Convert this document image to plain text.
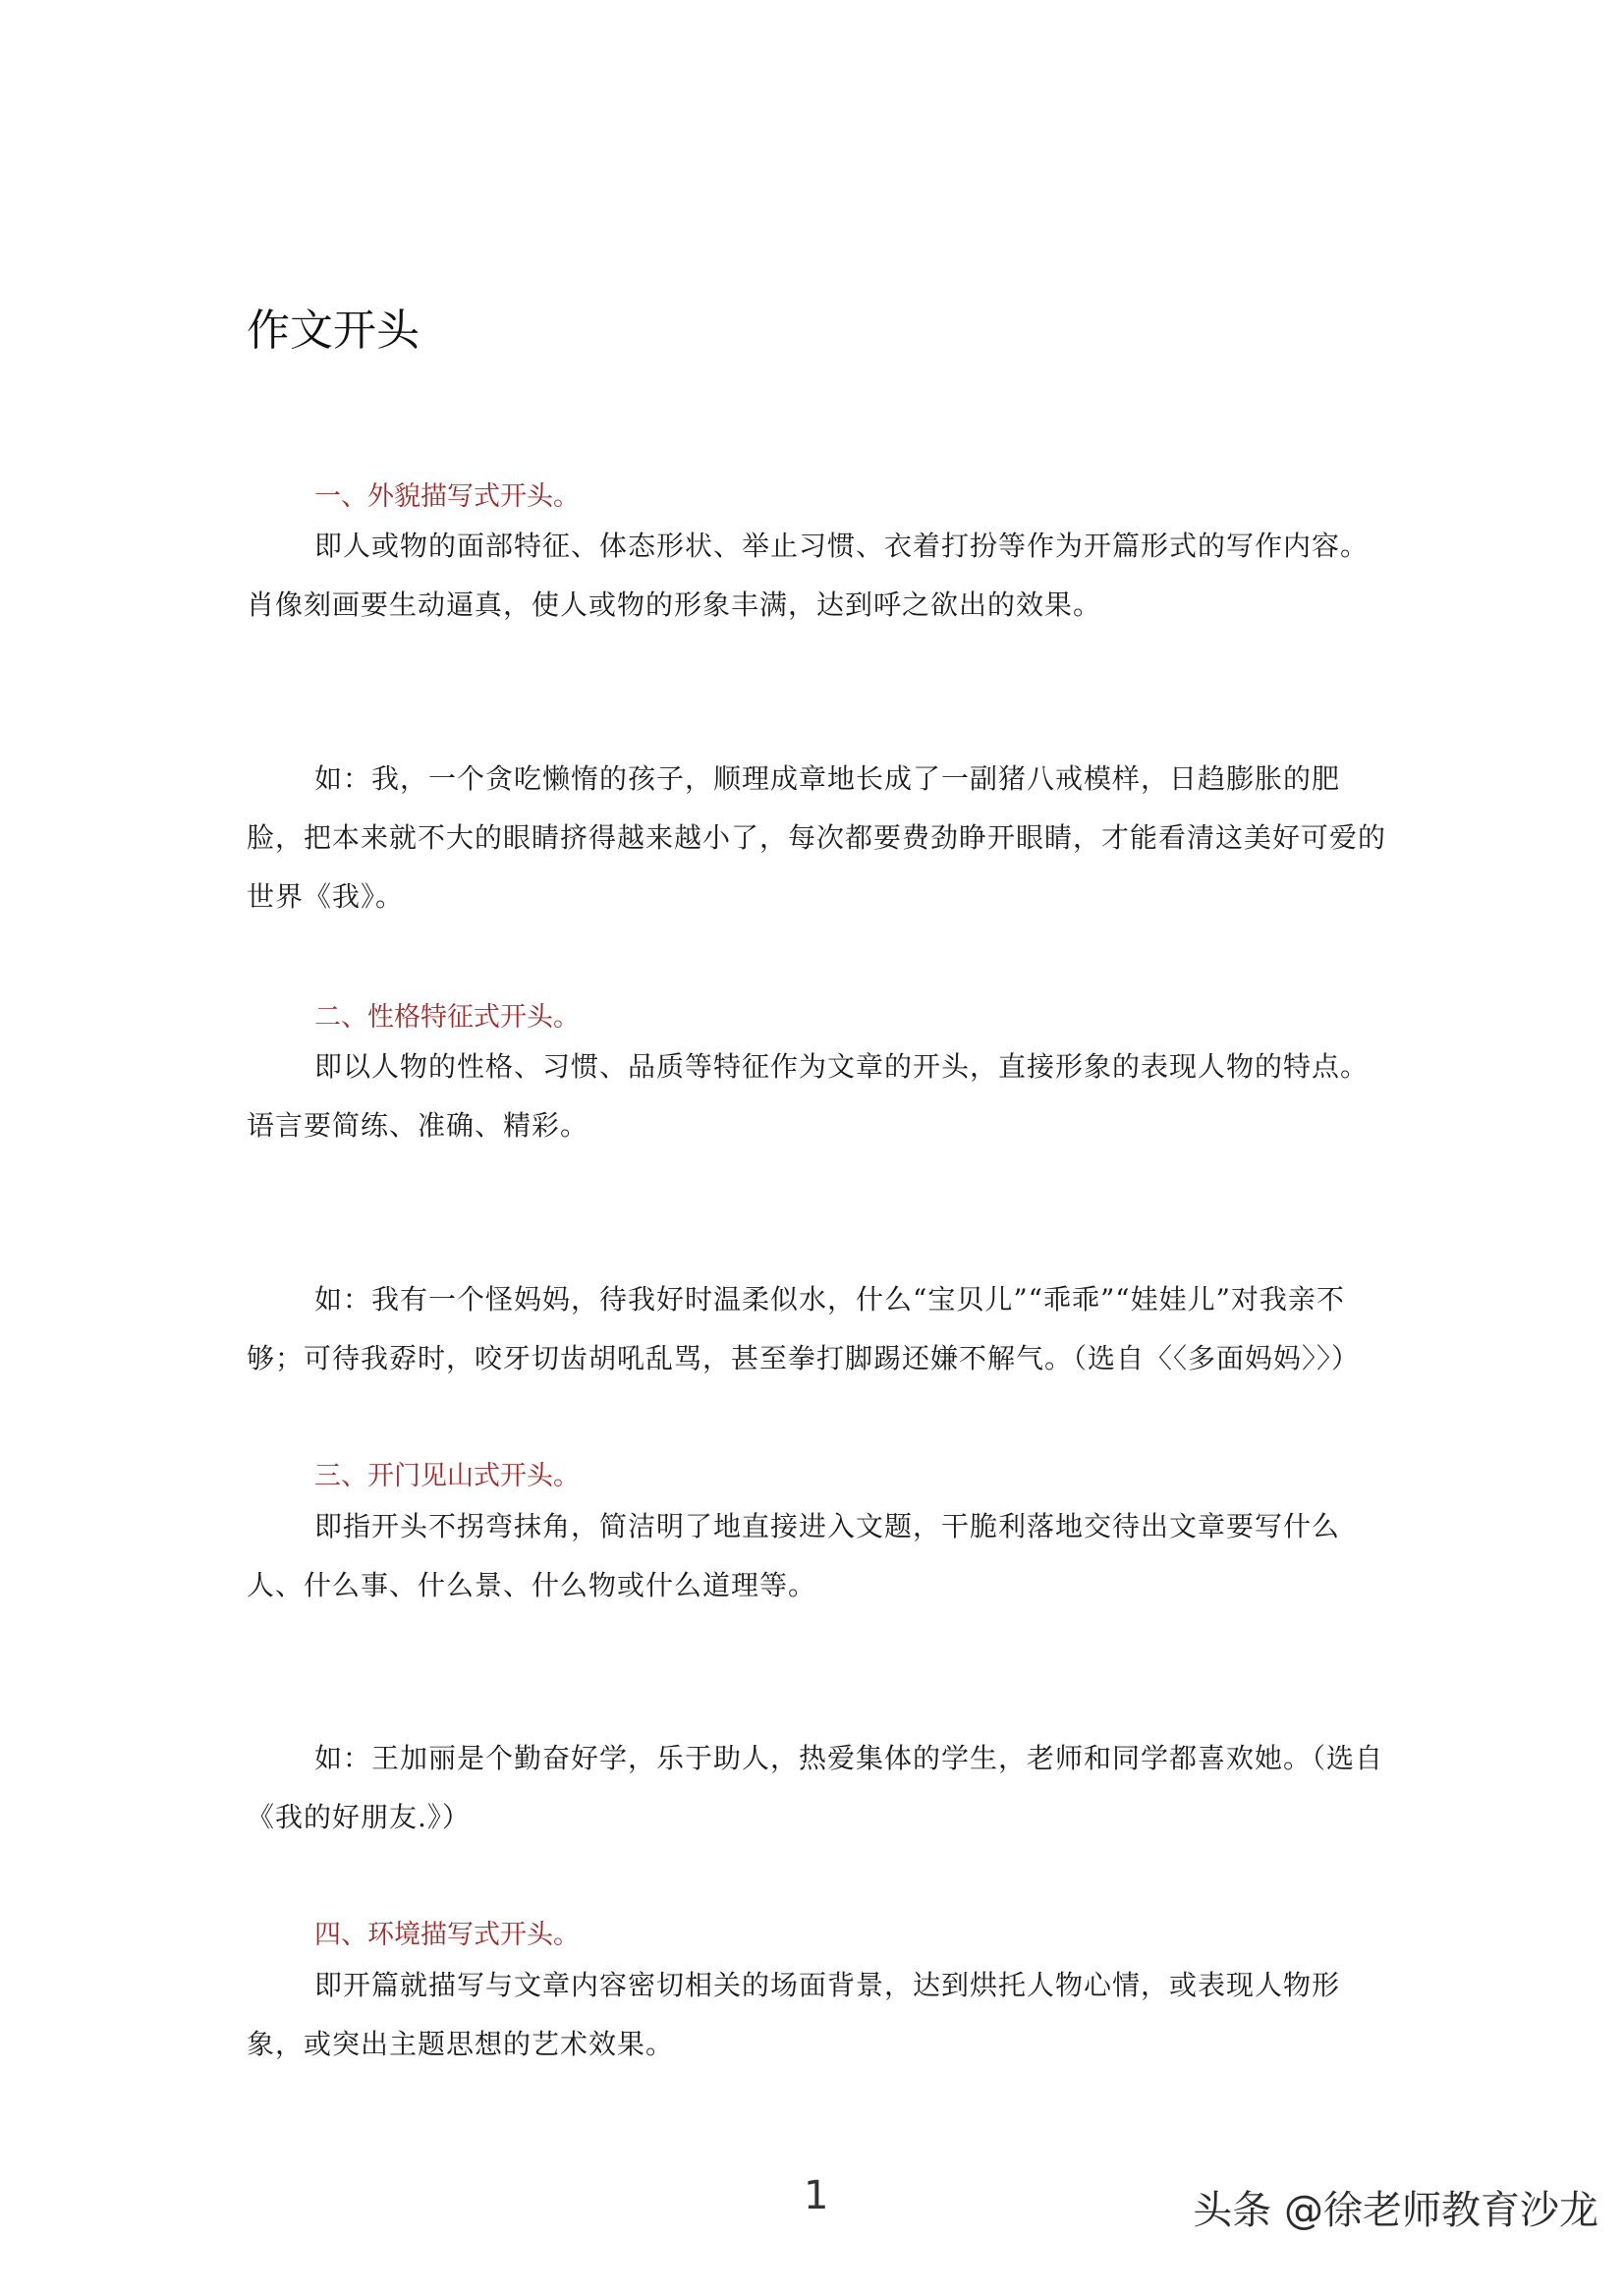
作文开头

一、外貌描写式开头。

即人或物的面部特征、体态形状、举止习惯、衣着打扮等作为开篇形式的写作内容。肖像刻画要生动逼真，使人或物的形象丰满，达到呼之欲出的效果。

如：我，一个贪吃懒惰的孩子，顺理成章地长成了一副猪八戒模样，日趋膨胀的肥脸，把本来就不大的眼睛挤得越来越小了，每次都要费劲睁开眼睛，才能看清这美好可爱的世界《我》。

二、性格特征式开头。

即以人物的性格、习惯、品质等特征作为文章的开头，直接形象的表现人物的特点。语言要简练、准确、精彩。

如：我有一个怪妈妈，待我好时温柔似水，什么“宝贝儿”“乖乖”“娃娃儿”对我亲不够；可待我孬时，咬牙切齿胡吼乱骂，甚至拳打脚踢还嫌不解气。（选自〈〈多面妈妈〉〉）

三、开门见山式开头。

即指开头不拐弯抹角，简洁明了地直接进入文题，干脆利落地交待出文章要写什么人、什么事、什么景、什么物或什么道理等。

如：王加丽是个勤奋好学，乐于助人，热爱集体的学生，老师和同学都喜欢她。（选自《我的好朋友.》）

四、环境描写式开头。

即开篇就描写与文章内容密切相关的场面背景，达到烘托人物心情，或表现人物形象，或突出主题思想的艺术效果。

1	头条 @徐老师教育沙龙
